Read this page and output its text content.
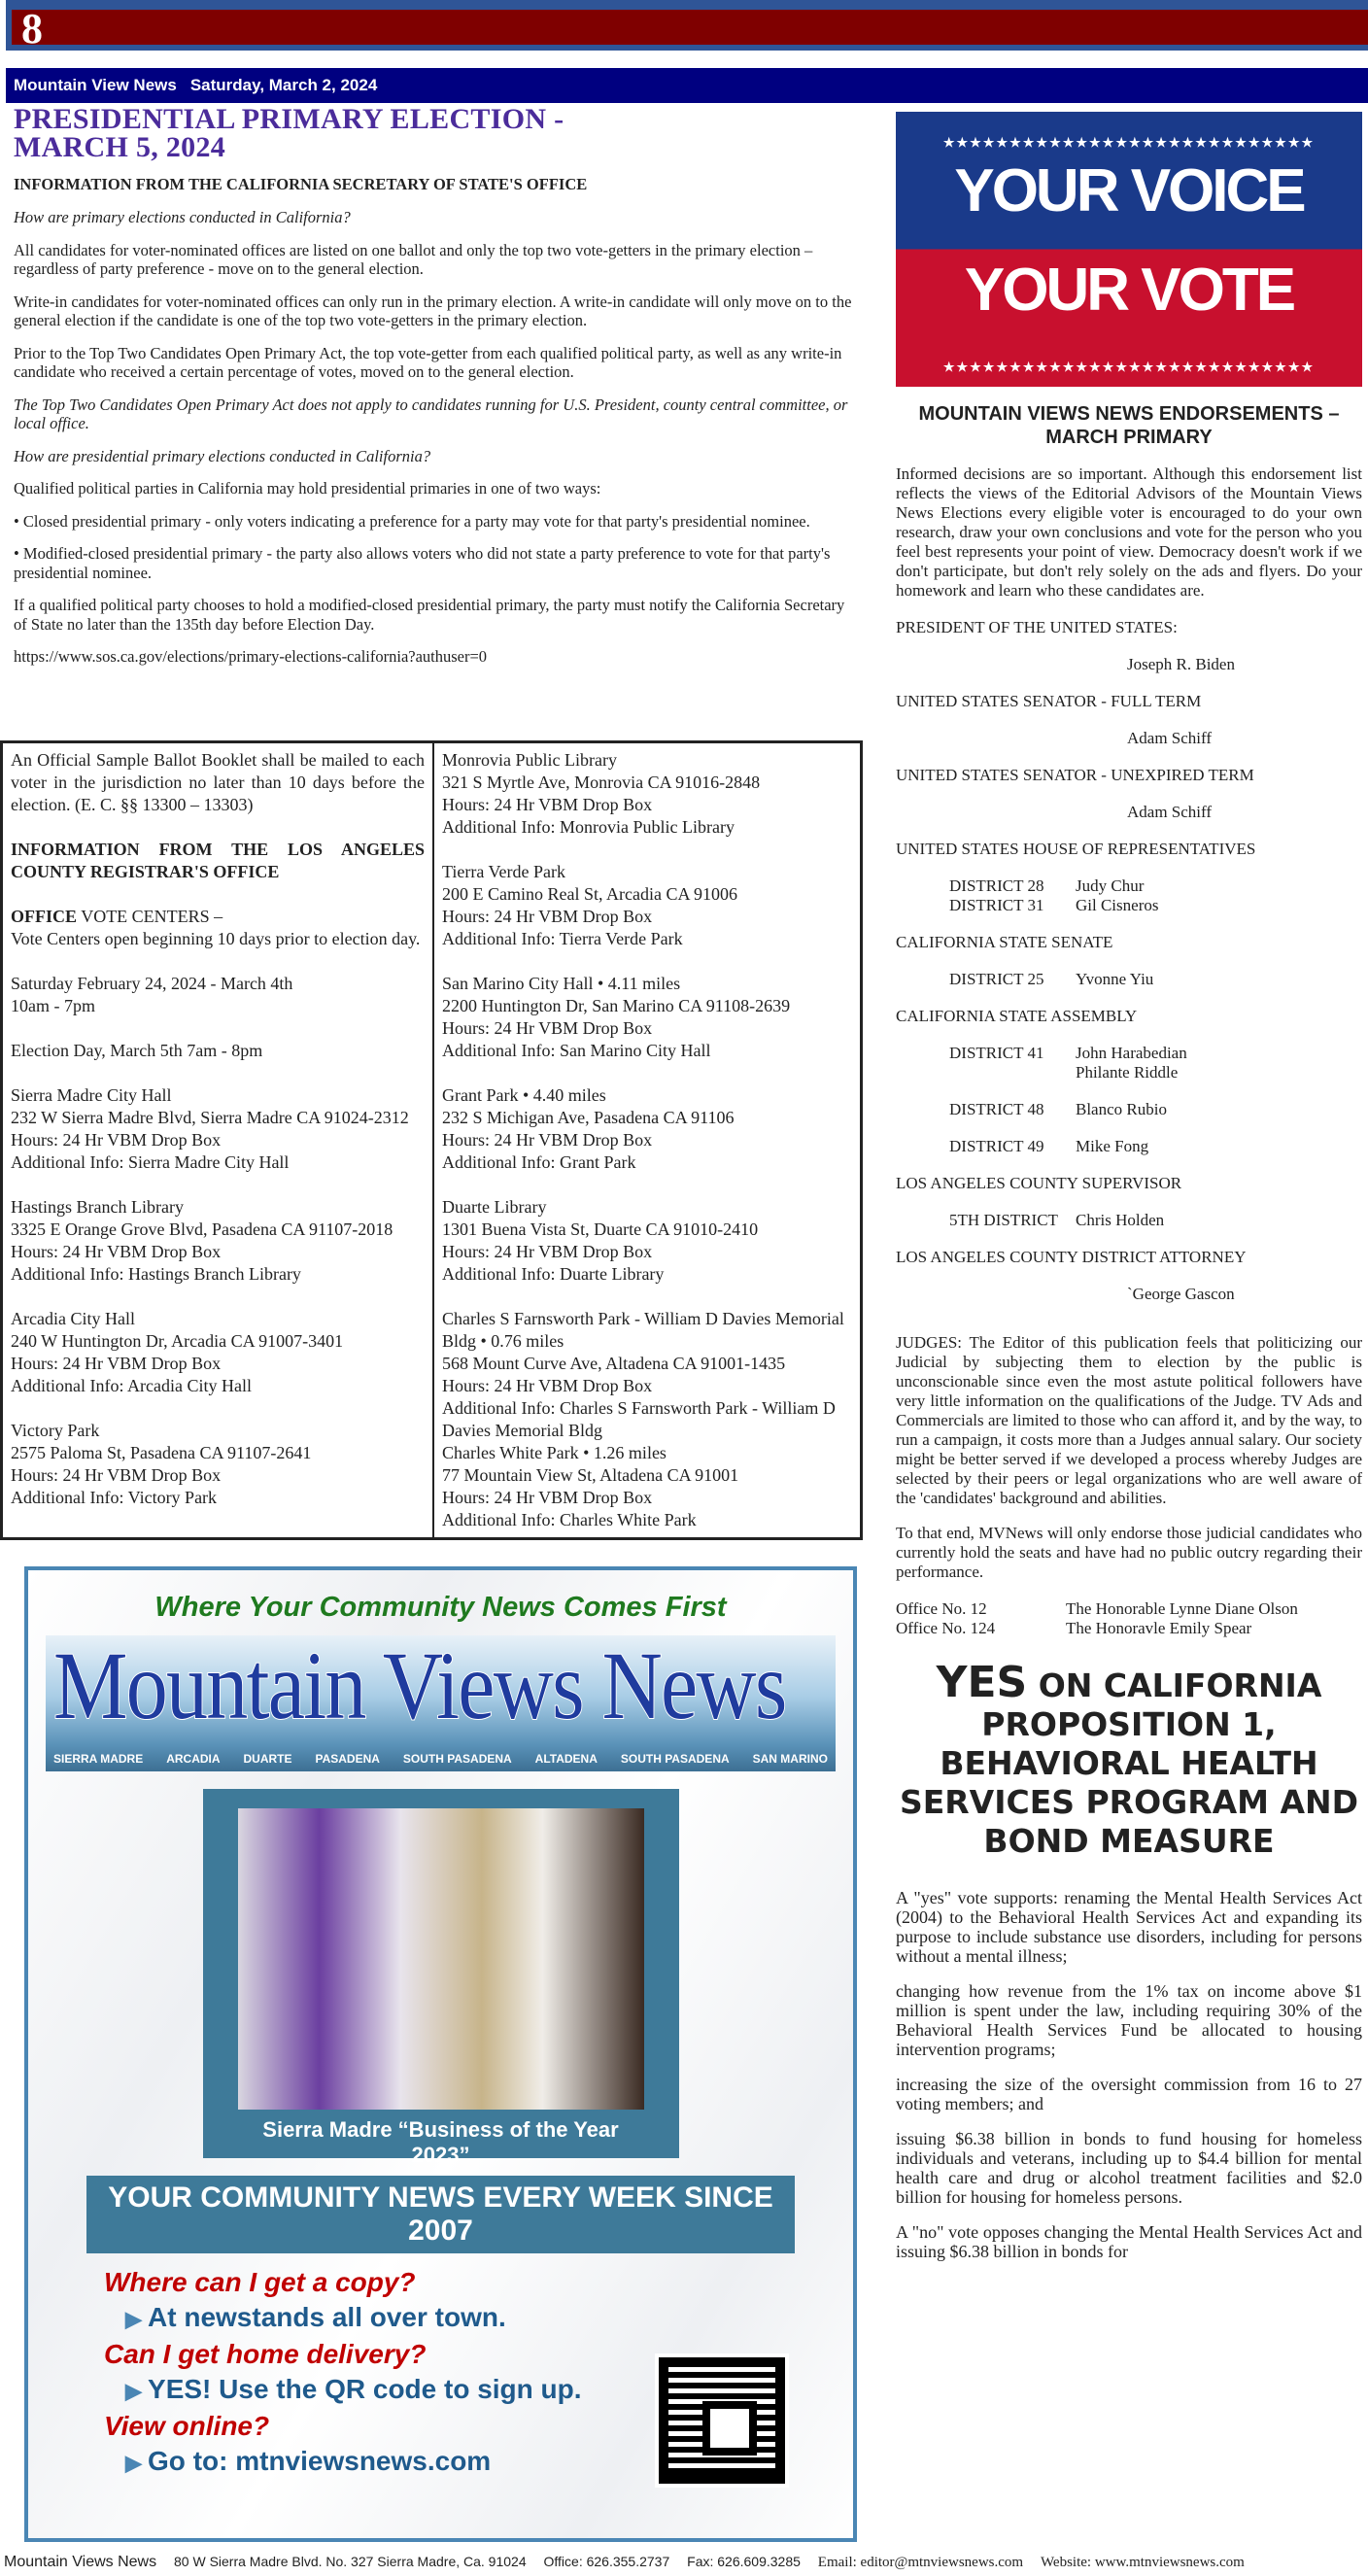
8
Mountain View News Saturday, March 2, 2024
PRESIDENTIAL PRIMARY ELECTION -
MARCH 5, 2024
INFORMATION FROM THE CALIFORNIA SECRETARY OF STATE'S OFFICE

How are primary elections conducted in California?

All candidates for voter-nominated offices are listed on one ballot and only the top two vote-getters in the primary election – regardless of party preference - move on to the general election.

Write-in candidates for voter-nominated offices can only run in the primary election. A write-in candidate will only move on to the general election if the candidate is one of the top two vote-getters in the primary election.

Prior to the Top Two Candidates Open Primary Act, the top vote-getter from each qualified political party, as well as any write-in candidate who received a certain percentage of votes, moved on to the general election.

The Top Two Candidates Open Primary Act does not apply to candidates running for U.S. President, county central committee, or local office.

How are presidential primary elections conducted in California?

Qualified political parties in California may hold presidential primaries in one of two ways:

• Closed presidential primary - only voters indicating a preference for a party may vote for that party's presidential nominee.

• Modified-closed presidential primary - the party also allows voters who did not state a party preference to vote for that party's presidential nominee.

If a qualified political party chooses to hold a modified-closed presidential primary, the party must notify the California Secretary of State no later than the 135th day before Election Day.

https://www.sos.ca.gov/elections/primary-elections-california?authuser=0

An Official Sample Ballot Booklet shall be mailed to each voter in the jurisdiction no later than 10 days before the election. (E. C. §§ 13300 – 13303)
INFORMATION FROM THE LOS ANGELES COUNTY REGISTRAR'S OFFICE
OFFICE VOTE CENTERS –
Vote Centers open beginning 10 days prior to election day.
Saturday February 24, 2024 - March 4th
10am - 7pm
Election Day, March 5th 7am - 8pm
Sierra Madre City Hall
232 W Sierra Madre Blvd, Sierra Madre CA 91024-2312
Hours: 24 Hr VBM Drop Box
Additional Info: Sierra Madre City Hall
Hastings Branch Library
3325 E Orange Grove Blvd, Pasadena CA 91107-2018
Hours: 24 Hr VBM Drop Box
Additional Info: Hastings Branch Library
Arcadia City Hall
240 W Huntington Dr, Arcadia CA 91007-3401
Hours: 24 Hr VBM Drop Box
Additional Info: Arcadia City Hall
Victory Park
2575 Paloma St, Pasadena CA 91107-2641
Hours: 24 Hr VBM Drop Box
Additional Info: Victory Park
Monrovia Public Library
321 S Myrtle Ave, Monrovia CA 91016-2848
Hours: 24 Hr VBM Drop Box
Additional Info: Monrovia Public Library
Tierra Verde Park
200 E Camino Real St, Arcadia CA 91006
Hours: 24 Hr VBM Drop Box
Additional Info: Tierra Verde Park
San Marino City Hall • 4.11 miles
2200 Huntington Dr, San Marino CA 91108-2639
Hours: 24 Hr VBM Drop Box
Additional Info: San Marino City Hall
Grant Park • 4.40 miles
232 S Michigan Ave, Pasadena CA 91106
Hours: 24 Hr VBM Drop Box
Additional Info: Grant Park
Duarte Library
1301 Buena Vista St, Duarte CA 91010-2410
Hours: 24 Hr VBM Drop Box
Additional Info: Duarte Library
Charles S Farnsworth Park - William D Davies Memorial Bldg • 0.76 miles
568 Mount Curve Ave, Altadena CA 91001-1435
Hours: 24 Hr VBM Drop Box
Additional Info: Charles S Farnsworth Park - William D Davies Memorial Bldg
Charles White Park • 1.26 miles
77 Mountain View St, Altadena CA 91001
Hours: 24 Hr VBM Drop Box
Additional Info: Charles White Park
Where Your Community News Comes First
Mountain Views News
SIERRA MADRE ARCADIA DUARTE PASADENA SOUTH PASADENA ALTADENA SOUTH PASADENA SAN MARINO
Sierra Madre “Business of the Year 2023”
YOUR COMMUNITY NEWS EVERY WEEK SINCE 2007
Where can I get a copy?
▶ At newstands all over town.
Can I get home delivery?
▶ YES! Use the QR code to sign up.
View online?
▶ Go to: mtnviewsnews.com
★★★★★★★★★★★★★★★★★★★★★★★★★★★★
YOUR VOICE
YOUR VOTE
★★★★★★★★★★★★★★★★★★★★★★★★★★★★
MOUNTAIN VIEWS NEWS ENDORSEMENTS – MARCH PRIMARY

Informed decisions are so important. Although this endorsement list reflects the views of the Editorial Advisors of the Mountain Views News Elections every eligible voter is encouraged to do your own research, draw your own conclusions and vote for the person who you feel best represents your point of view. Democracy doesn't work if we don't participate, but don't rely solely on the ads and flyers. Do your homework and learn who these candidates are.

PRESIDENT OF THE UNITED STATES:
Joseph R. Biden
UNITED STATES SENATOR - FULL TERM
Adam Schiff
UNITED STATES SENATOR - UNEXPIRED TERM
Adam Schiff
UNITED STATES HOUSE OF REPRESENTATIVES
DISTRICT 28	Judy Chur
DISTRICT 31	Gil Cisneros
CALIFORNIA STATE SENATE
DISTRICT 25	Yvonne Yiu
CALIFORNIA STATE ASSEMBLY
DISTRICT 41	John Harabedian
Philante Riddle
DISTRICT 48	Blanco Rubio
DISTRICT 49	Mike Fong
LOS ANGELES COUNTY SUPERVISOR
5TH DISTRICT	Chris Holden
LOS ANGELES COUNTY DISTRICT ATTORNEY
`George Gascon

JUDGES: The Editor of this publication feels that politicizing our Judicial by subjecting them to election by the public is unconscionable since even the most astute political followers have very little information on the qualifications of the Judge. TV Ads and Commercials are limited to those who can afford it, and by the way, to run a campaign, it costs more than a Judges annual salary. Our society might be better served if we developed a process whereby Judges are selected by their peers or legal organizations who are well aware of the 'candidates' background and abilities.

To that end, MVNews will only endorse those judicial candidates who currently hold the seats and have had no public outcry regarding their performance.

Office No. 12	The Honorable Lynne Diane Olson
Office No. 124	The Honoravle Emily Spear
YES ON CALIFORNIA PROPOSITION 1, BEHAVIORAL HEALTH SERVICES PROGRAM AND BOND MEASURE

A "yes" vote supports: renaming the Mental Health Services Act (2004) to the Behavioral Health Services Act and expanding its purpose to include substance use disorders, including for persons without a mental illness;

changing how revenue from the 1% tax on income above $1 million is spent under the law, including requiring 30% of the Behavioral Health Services Fund be allocated to housing intervention programs;

increasing the size of the oversight commission from 16 to 27 voting members; and

issuing $6.38 billion in bonds to fund housing for homeless individuals and veterans, including up to $4.4 billion for mental health care and drug or alcohol treatment facilities and $2.0 billion for housing for homeless persons.

A "no" vote opposes changing the Mental Health Services Act and issuing $6.38 billion in bonds for

Mountain Views News 80 W Sierra Madre Blvd. No. 327 Sierra Madre, Ca. 91024 Office: 626.355.2737 Fax: 626.609.3285 Email: editor@mtnviewsnews.com Website: www.mtnviewsnews.com
